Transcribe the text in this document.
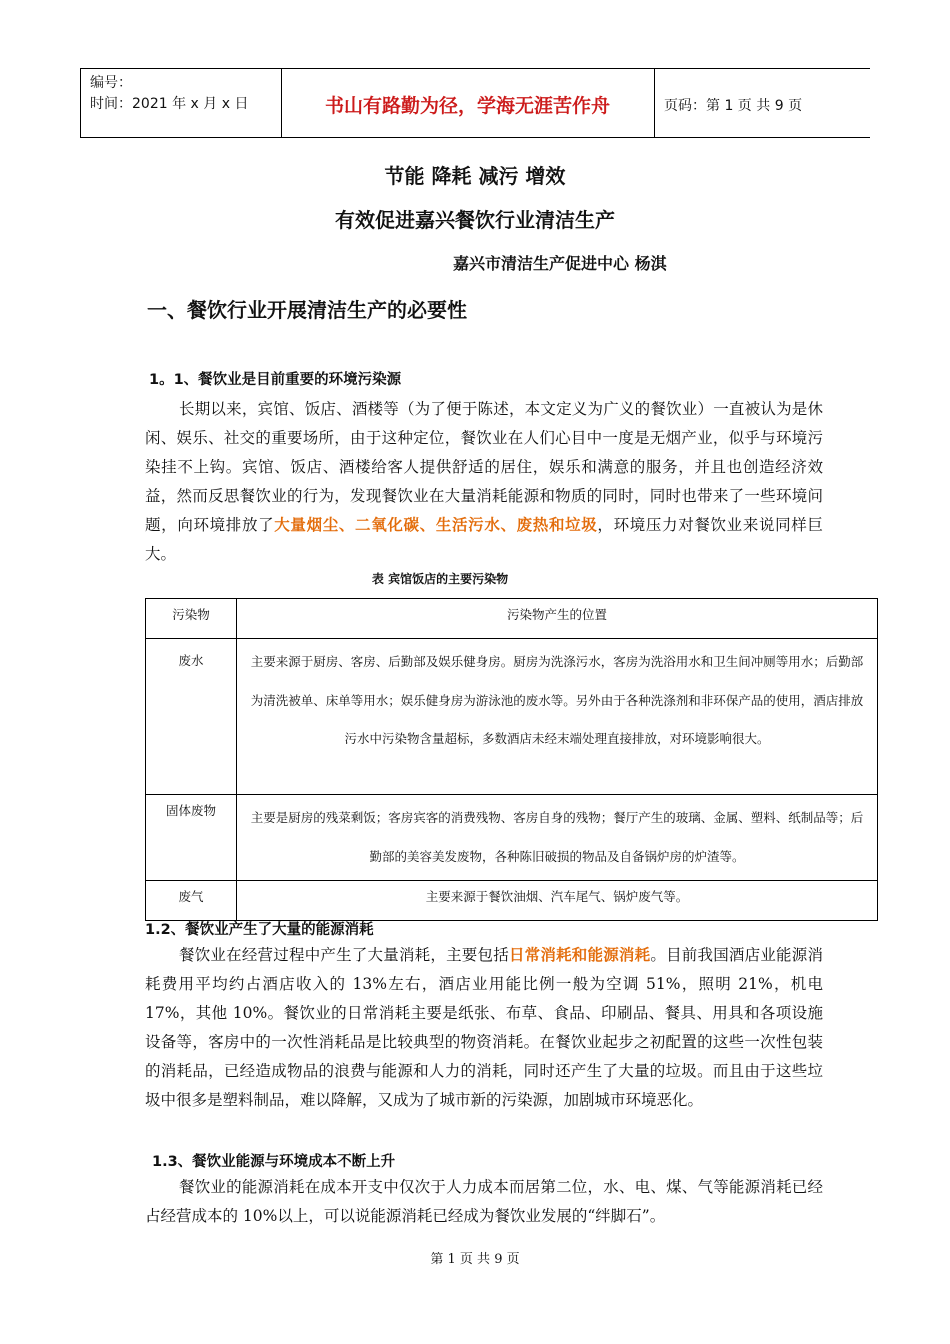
编号：
时间：2021 年 x 月 x 日	书山有路勤为径，学海无涯苦作舟	页码：第 1 页 共 9 页
节能 降耗 减污 增效
有效促进嘉兴餐饮行业清洁生产
嘉兴市清洁生产促进中心 杨淇
一、餐饮行业开展清洁生产的必要性
1。1、餐饮业是目前重要的环境污染源
长期以来，宾馆、饭店、酒楼等（为了便于陈述，本文定义为广义的餐饮业）一直被认为是休闲、娱乐、社交的重要场所，由于这种定位，餐饮业在人们心目中一度是无烟产业，似乎与环境污染挂不上钩。宾馆、饭店、酒楼给客人提供舒适的居住，娱乐和满意的服务，并且也创造经济效益，然而反思餐饮业的行为，发现餐饮业在大量消耗能源和物质的同时，同时也带来了一些环境问题，向环境排放了大量烟尘、二氧化碳、生活污水、废热和垃圾，环境压力对餐饮业来说同样巨大。
表 宾馆饭店的主要污染物
污染物	污染物产生的位置
废水	主要来源于厨房、客房、后勤部及娱乐健身房。厨房为洗涤污水，客房为洗浴用水和卫生间冲厕等用水；后勤部为清洗被单、床单等用水；娱乐健身房为游泳池的废水等。另外由于各种洗涤剂和非环保产品的使用，酒店排放污水中污染物含量超标，多数酒店未经末端处理直接排放，对环境影响很大。
固体废物	主要是厨房的残菜剩饭；客房宾客的消费残物、客房自身的残物；餐厅产生的玻璃、金属、塑料、纸制品等；后勤部的美容美发废物，各种陈旧破损的物品及自备锅炉房的炉渣等。
废气	主要来源于餐饮油烟、汽车尾气、锅炉废气等。
1.2、餐饮业产生了大量的能源消耗
餐饮业在经营过程中产生了大量消耗，主要包括日常消耗和能源消耗。目前我国酒店业能源消耗费用平均约占酒店收入的 13%左右，酒店业用能比例一般为空调 51%，照明 21%，机电 17%，其他 10%。餐饮业的日常消耗主要是纸张、布草、食品、印刷品、餐具、用具和各项设施设备等，客房中的一次性消耗品是比较典型的物资消耗。在餐饮业起步之初配置的这些一次性包装的消耗品，已经造成物品的浪费与能源和人力的消耗，同时还产生了大量的垃圾。而且由于这些垃圾中很多是塑料制品，难以降解，又成为了城市新的污染源，加剧城市环境恶化。
1.3、餐饮业能源与环境成本不断上升
餐饮业的能源消耗在成本开支中仅次于人力成本而居第二位，水、电、煤、气等能源消耗已经占经营成本的 10%以上，可以说能源消耗已经成为餐饮业发展的“绊脚石”。
第 1 页 共 9 页
